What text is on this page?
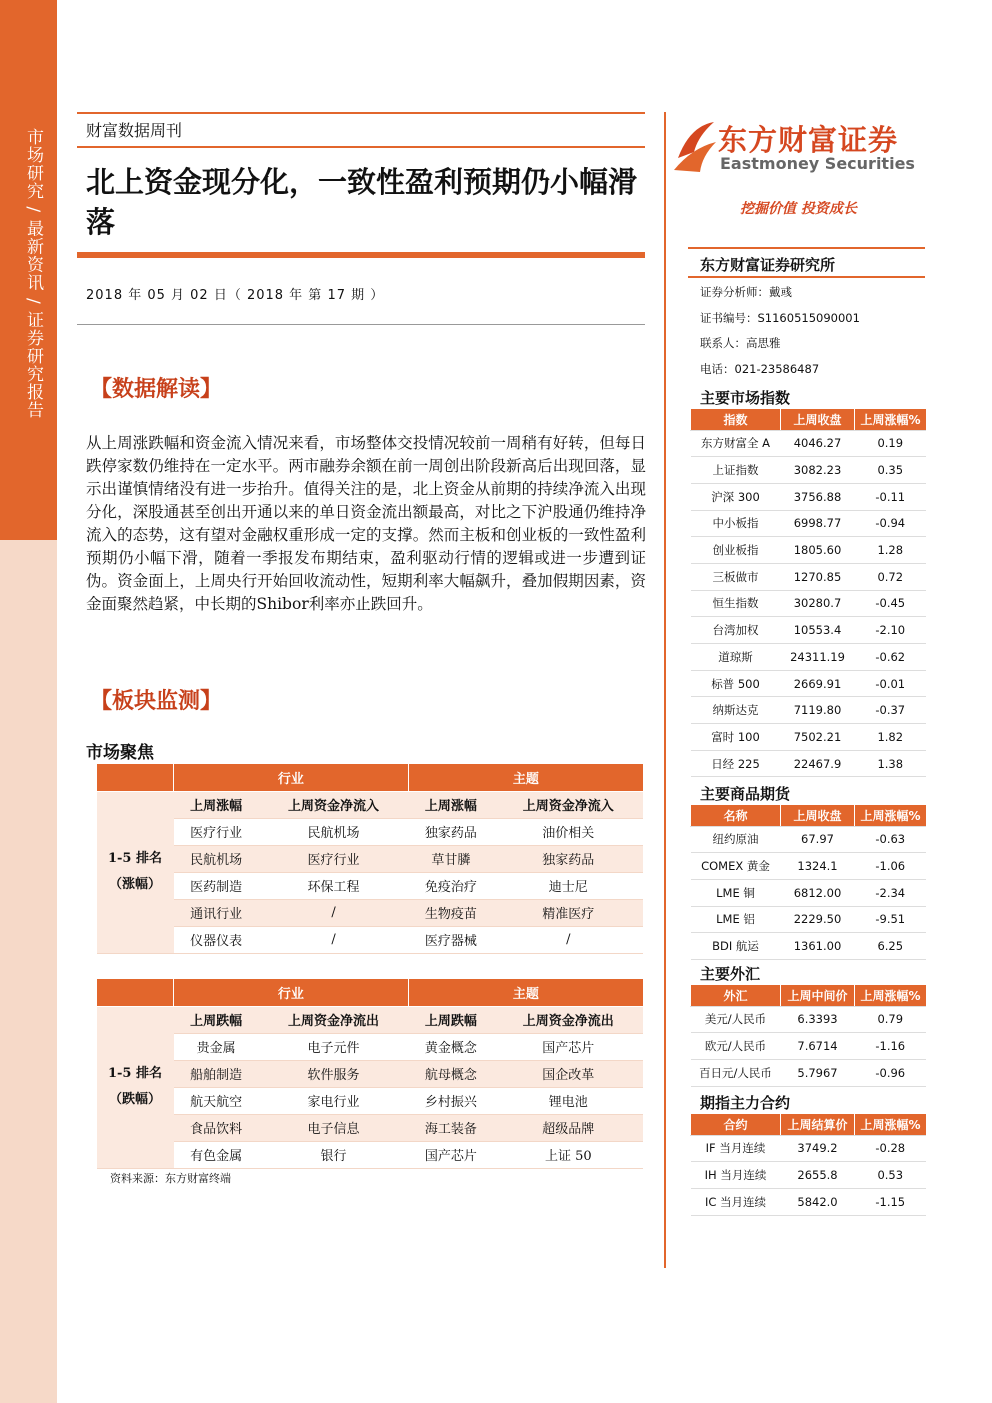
市场研究 / 最新资讯 / 证券研究报告	财富数据周刊
北上资金现分化，一致性盈利预期仍小幅滑落
2018 年 05 月 02 日（ 2018 年 第 17 期 ）
【数据解读】
从上周涨跌幅和资金流入情况来看，市场整体交投情况较前一周稍有好转，但每日跌停家数仍维持在一定水平。两市融券余额在前一周创出阶段新高后出现回落，显示出谨慎情绪没有进一步抬升。值得关注的是，北上资金从前期的持续净流入出现分化，深股通甚至创出开通以来的单日资金流出额最高，对比之下沪股通仍维持净流入的态势，这有望对金融权重形成一定的支撑。然而主板和创业板的一致性盈利预期仍小幅下滑，随着一季报发布期结束，盈利驱动行情的逻辑或进一步遭到证伪。资金面上，上周央行开始回收流动性，短期利率大幅飙升，叠加假期因素，资金面聚然趋紧，中长期的Shibor利率亦止跌回升。
【板块监测】
市场聚焦
	行业		主题	
1-5 排名
（涨幅）	上周涨幅	上周资金净流入	上周涨幅	上周资金净流入
	医疗行业	民航机场	独家药品	油价相关
	民航机场	医疗行业	草甘膦	独家药品
	医药制造	环保工程	免疫治疗	迪士尼
	通讯行业	/	生物疫苗	精准医疗
	仪器仪表	/	医疗器械	/
	行业		主题	
1-5 排名
（跌幅）	上周跌幅	上周资金净流出	上周跌幅	上周资金净流出
	贵金属	电子元件	黄金概念	国产芯片
	船舶制造	软件服务	航母概念	国企改革
	航天航空	家电行业	乡村振兴	锂电池
	食品饮料	电子信息	海工装备	超级品牌
	有色金属	银行	国产芯片	上证 50
资料来源：东方财富终端
东方财富证券
Eastmoney Securities
挖掘价值 投资成长
东方财富证券研究所
证券分析师：戴彧
证书编号：S1160515090001
联系人：高思雅
电话：021-23586487
主要市场指数
指数	上周收盘	上周涨幅%
东方财富全 A	4046.27	0.19
上证指数	3082.23	0.35
沪深 300	3756.88	-0.11
中小板指	6998.77	-0.94
创业板指	1805.60	1.28
三板做市	1270.85	0.72
恒生指数	30280.7	-0.45
台湾加权	10553.4	-2.10
道琼斯	24311.19	-0.62
标普 500	2669.91	-0.01
纳斯达克	7119.80	-0.37
富时 100	7502.21	1.82
日经 225	22467.9	1.38
主要商品期货
名称	上周收盘	上周涨幅%
纽约原油	67.97	-0.63
COMEX 黄金	1324.1	-1.06
LME 铜	6812.00	-2.34
LME 铝	2229.50	-9.51
BDI 航运	1361.00	6.25
主要外汇
外汇	上周中间价	上周涨幅%
美元/人民币	6.3393	0.79
欧元/人民币	7.6714	-1.16
百日元/人民币	5.7967	-0.96
期指主力合约
合约	上周结算价	上周涨幅%
IF 当月连续	3749.2	-0.28
IH 当月连续	2655.8	0.53
IC 当月连续	5842.0	-1.15
